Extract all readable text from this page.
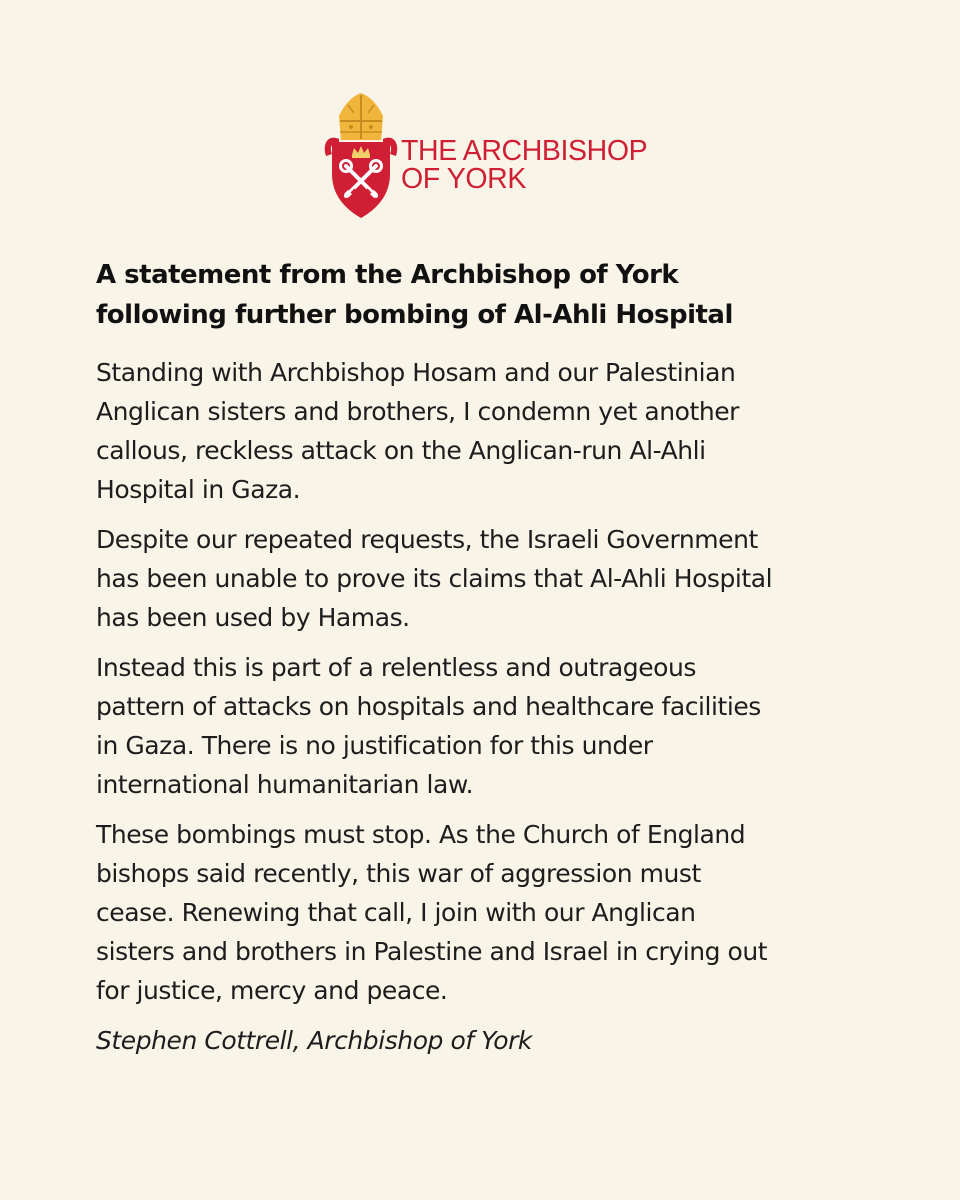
THE ARCHBISHOP
OF YORK
A statement from the Archbishop of York
following further bombing of Al-Ahli Hospital

Standing with Archbishop Hosam and our Palestinian
Anglican sisters and brothers, I condemn yet another
callous, reckless attack on the Anglican-run Al-Ahli
Hospital in Gaza.

Despite our repeated requests, the Israeli Government
has been unable to prove its claims that Al-Ahli Hospital
has been used by Hamas.

Instead this is part of a relentless and outrageous
pattern of attacks on hospitals and healthcare facilities
in Gaza. There is no justification for this under
international humanitarian law.

These bombings must stop. As the Church of England
bishops said recently, this war of aggression must
cease. Renewing that call, I join with our Anglican
sisters and brothers in Palestine and Israel in crying out
for justice, mercy and peace.

Stephen Cottrell, Archbishop of York
